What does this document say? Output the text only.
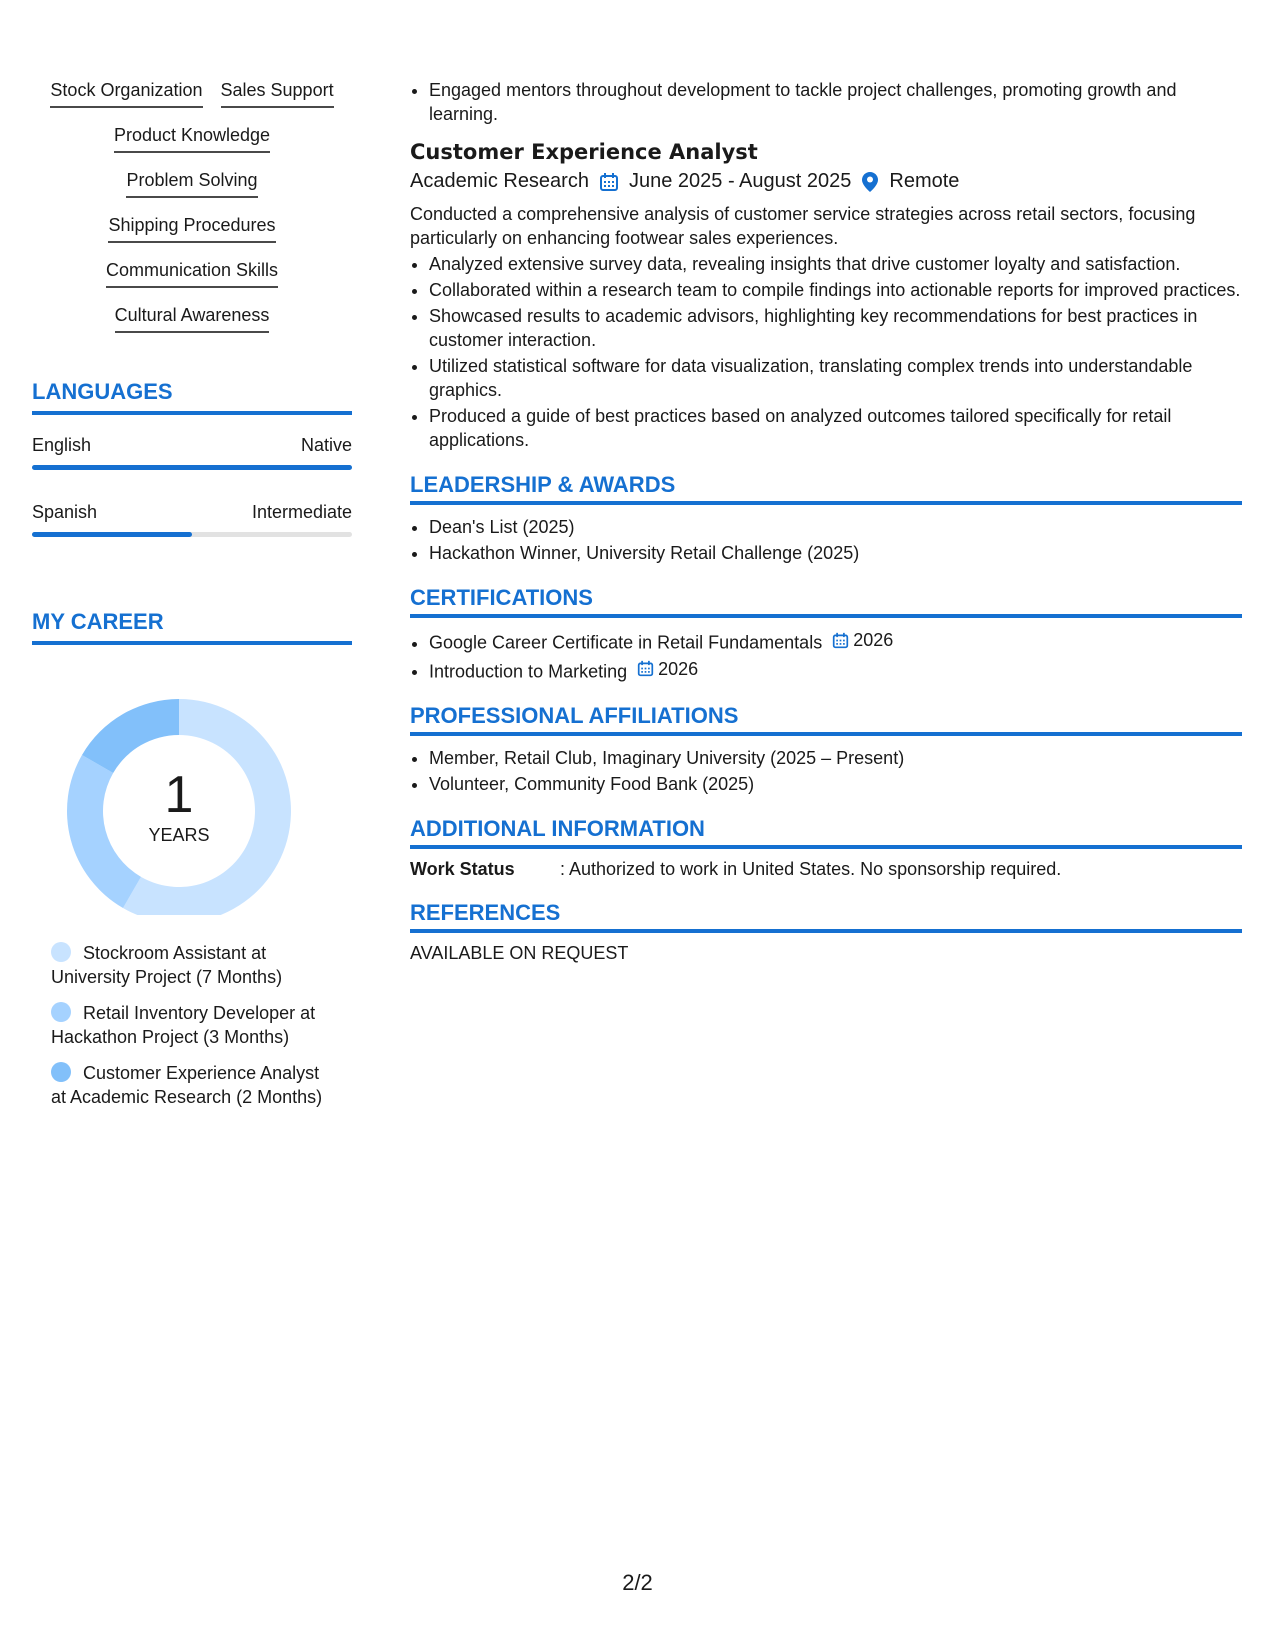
Stock Organization Sales Support
Product Knowledge
Problem Solving
Shipping Procedures
Communication Skills
Cultural Awareness
LANGUAGES
English	Native
Spanish	Intermediate
MY CAREER
1
YEARS
Stockroom Assistant at University Project (7 Months)
Retail Inventory Developer at Hackathon Project (3 Months)
Customer Experience Analyst at Academic Research (2 Months)
• Engaged mentors throughout development to tackle project challenges, promoting growth and learning.
Customer Experience Analyst
Academic Research June 2025 - August 2025 Remote
Conducted a comprehensive analysis of customer service strategies across retail sectors, focusing particularly on enhancing footwear sales experiences.
• Analyzed extensive survey data, revealing insights that drive customer loyalty and satisfaction.
• Collaborated within a research team to compile findings into actionable reports for improved practices.
• Showcased results to academic advisors, highlighting key recommendations for best practices in customer interaction.
• Utilized statistical software for data visualization, translating complex trends into understandable graphics.
• Produced a guide of best practices based on analyzed outcomes tailored specifically for retail applications.
LEADERSHIP & AWARDS
• Dean's List (2025)
• Hackathon Winner, University Retail Challenge (2025)
CERTIFICATIONS
• Google Career Certificate in Retail Fundamentals 2026
• Introduction to Marketing 2026
PROFESSIONAL AFFILIATIONS
• Member, Retail Club, Imaginary University (2025 – Present)
• Volunteer, Community Food Bank (2025)
ADDITIONAL INFORMATION
Work Status	: Authorized to work in United States. No sponsorship required.
REFERENCES
AVAILABLE ON REQUEST
2/2
